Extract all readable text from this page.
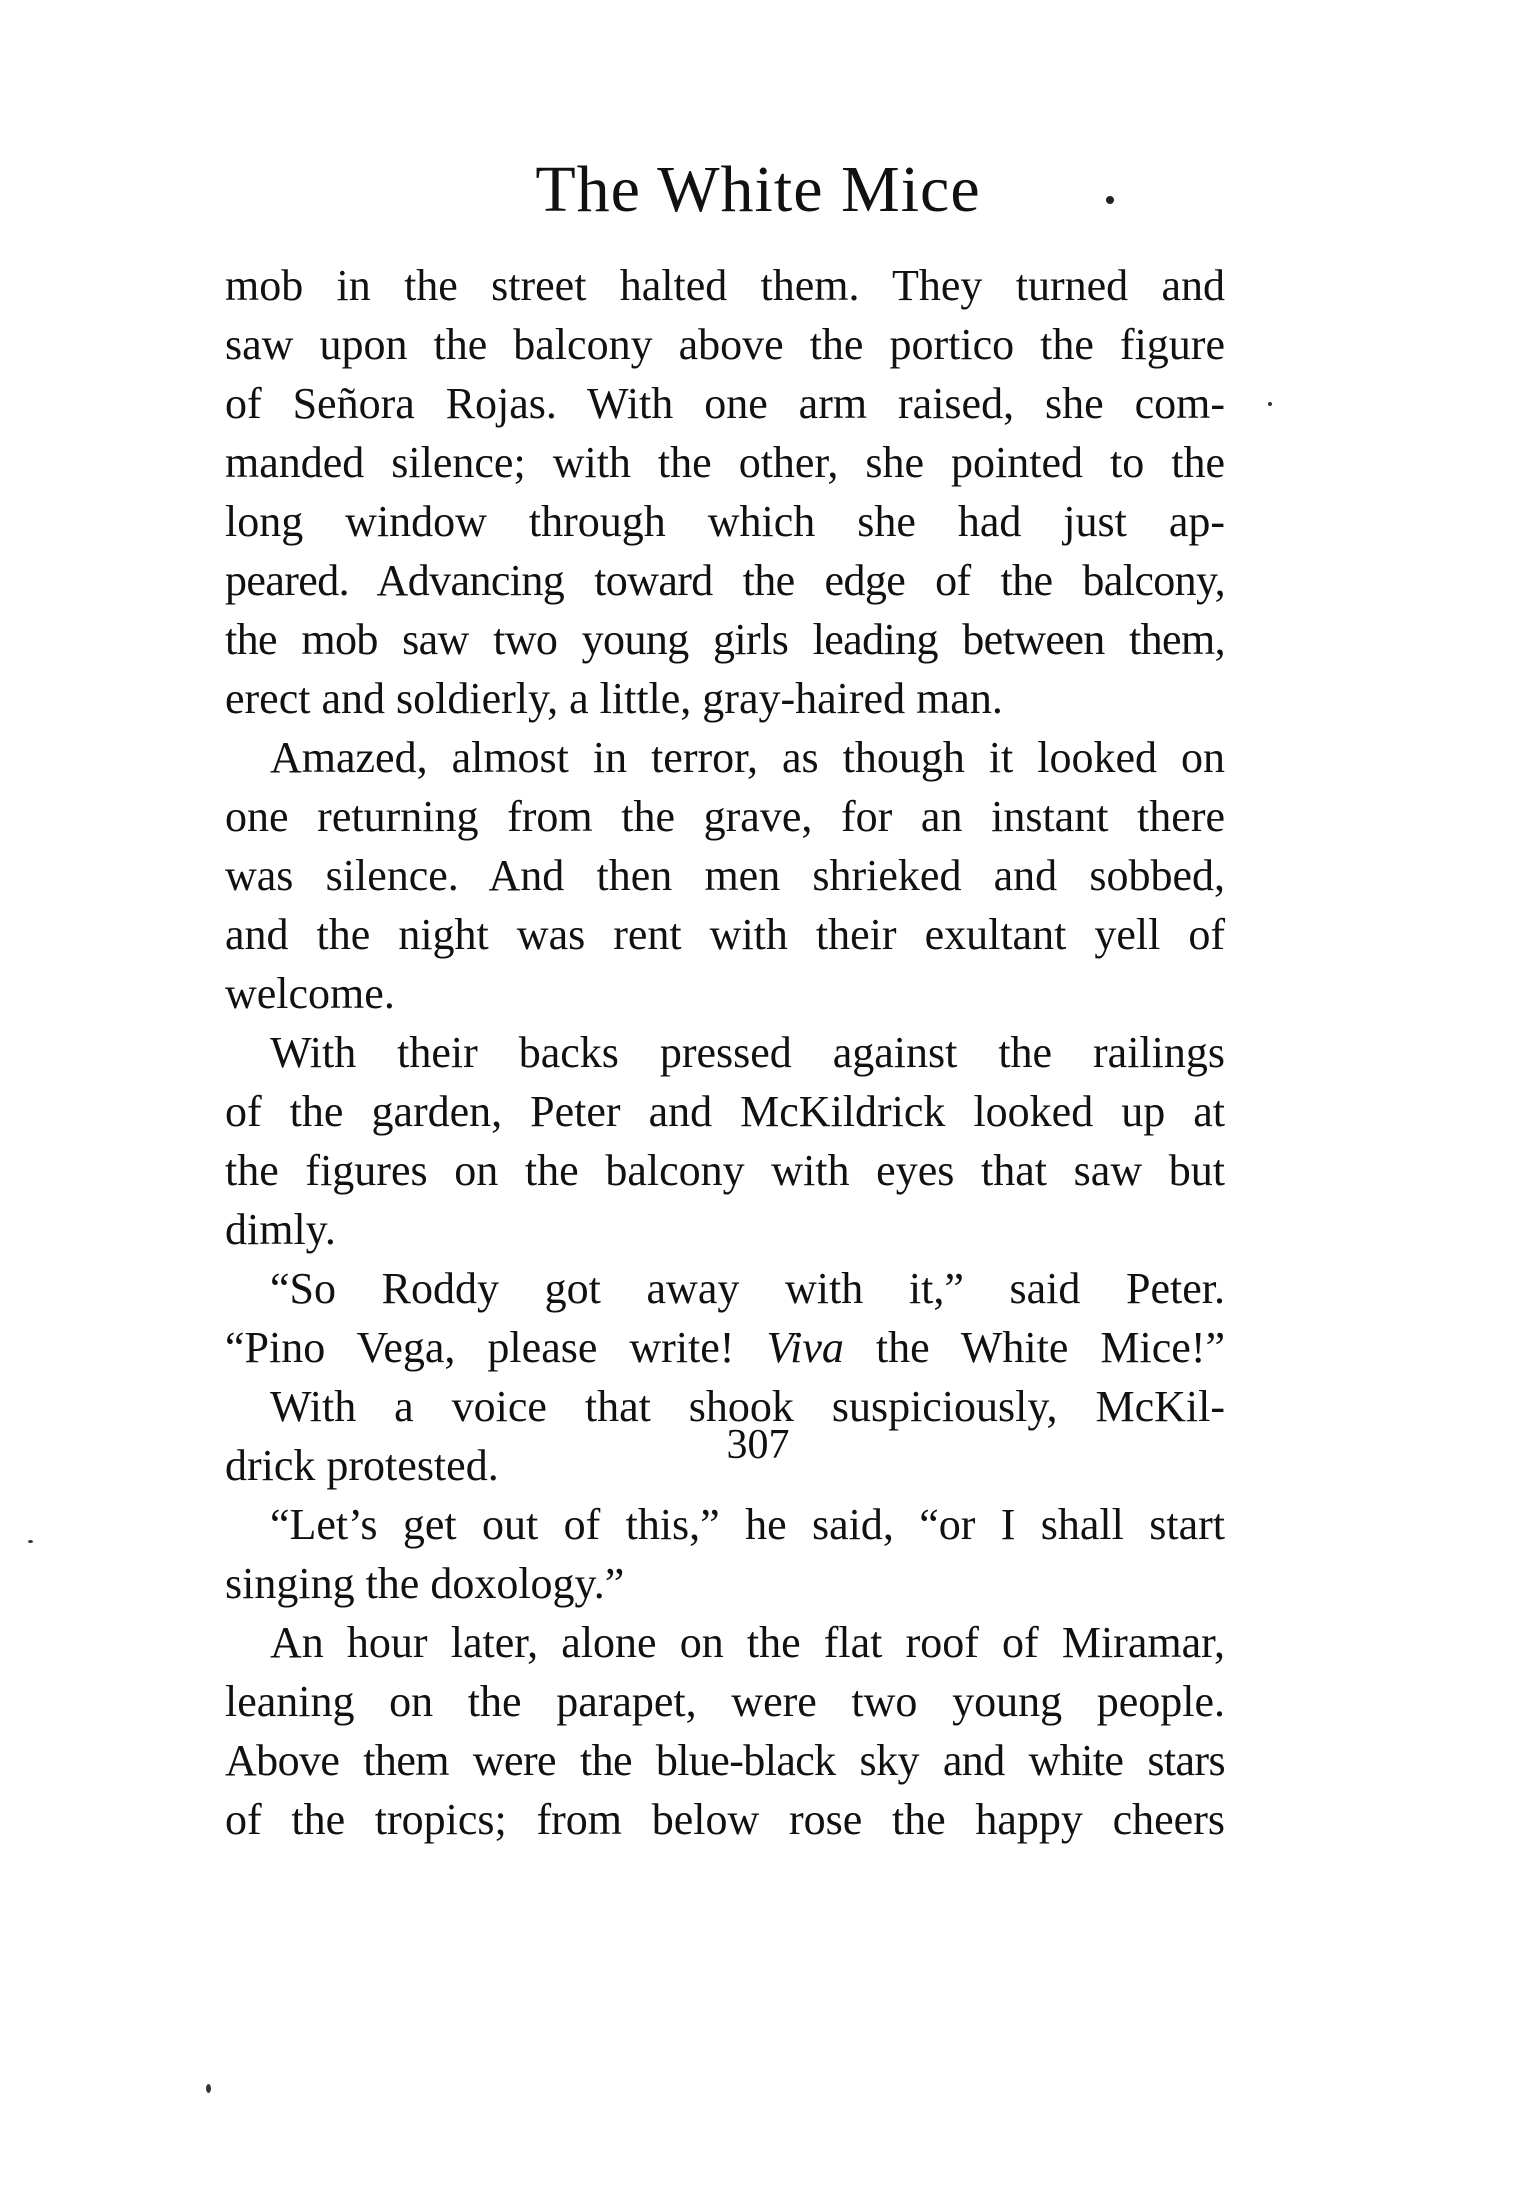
The White Mice
mob in the street halted them. They turned and
saw upon the balcony above the portico the figure
of Señora Rojas. With one arm raised, she com-
manded silence; with the other, she pointed to the
long window through which she had just ap-
peared. Advancing toward the edge of the balcony,
the mob saw two young girls leading between them,
erect and soldierly, a little, gray-haired man.
Amazed, almost in terror, as though it looked on
one returning from the grave, for an instant there
was silence. And then men shrieked and sobbed,
and the night was rent with their exultant yell of
welcome.
With their backs pressed against the railings
of the garden, Peter and McKildrick looked up at
the figures on the balcony with eyes that saw but
dimly.
“So Roddy got away with it,” said Peter.
“Pino Vega, please write! Viva the White Mice!”
With a voice that shook suspiciously, McKil-
drick protested.
“Let’s get out of this,” he said, “or I shall start
singing the doxology.”
An hour later, alone on the flat roof of Miramar,
leaning on the parapet, were two young people.
Above them were the blue-black sky and white stars
of the tropics; from below rose the happy cheers
307
